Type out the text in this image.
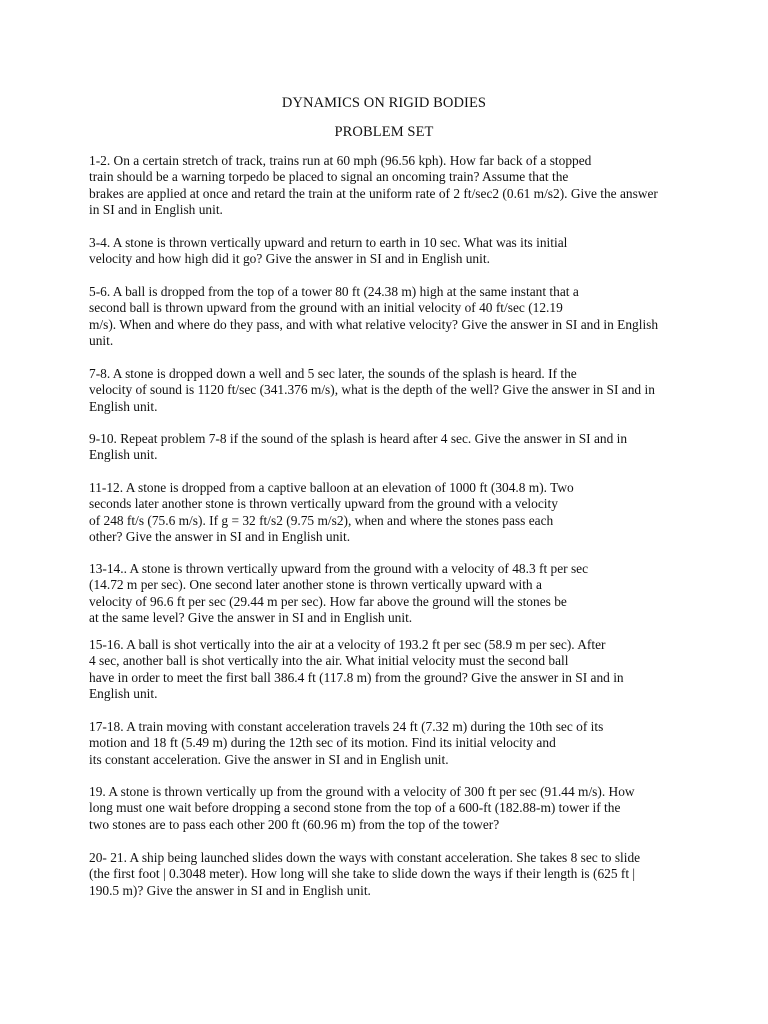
DYNAMICS ON RIGID BODIES
PROBLEM SET
1-2. On a certain stretch of track, trains run at 60 mph (96.56 kph). How far back of a stopped
train should be a warning torpedo be placed to signal an oncoming train? Assume that the
brakes are applied at once and retard the train at the uniform rate of 2 ft/sec2 (0.61 m/s2). Give the answer
in SI and in English unit.
3-4. A stone is thrown vertically upward and return to earth in 10 sec. What was its initial
velocity and how high did it go? Give the answer in SI and in English unit.
5-6. A ball is dropped from the top of a tower 80 ft (24.38 m) high at the same instant that a
second ball is thrown upward from the ground with an initial velocity of 40 ft/sec (12.19
m/s). When and where do they pass, and with what relative velocity? Give the answer in SI and in English
unit.
7-8. A stone is dropped down a well and 5 sec later, the sounds of the splash is heard. If the
velocity of sound is 1120 ft/sec (341.376 m/s), what is the depth of the well? Give the answer in SI and in
English unit.
9-10. Repeat problem 7-8 if the sound of the splash is heard after 4 sec. Give the answer in SI and in
English unit.
11-12. A stone is dropped from a captive balloon at an elevation of 1000 ft (304.8 m). Two
seconds later another stone is thrown vertically upward from the ground with a velocity
of 248 ft/s (75.6 m/s). If g = 32 ft/s2 (9.75 m/s2), when and where the stones pass each
other? Give the answer in SI and in English unit.
13-14.. A stone is thrown vertically upward from the ground with a velocity of 48.3 ft per sec
(14.72 m per sec). One second later another stone is thrown vertically upward with a
velocity of 96.6 ft per sec (29.44 m per sec). How far above the ground will the stones be
at the same level? Give the answer in SI and in English unit.
15-16. A ball is shot vertically into the air at a velocity of 193.2 ft per sec (58.9 m per sec). After
4 sec, another ball is shot vertically into the air. What initial velocity must the second ball
have in order to meet the first ball 386.4 ft (117.8 m) from the ground? Give the answer in SI and in
English unit.
17-18. A train moving with constant acceleration travels 24 ft (7.32 m) during the 10th sec of its
motion and 18 ft (5.49 m) during the 12th sec of its motion. Find its initial velocity and
its constant acceleration. Give the answer in SI and in English unit.
19. A stone is thrown vertically up from the ground with a velocity of 300 ft per sec (91.44 m/s). How
long must one wait before dropping a second stone from the top of a 600-ft (182.88-m) tower if the
two stones are to pass each other 200 ft (60.96 m) from the top of the tower?
20- 21. A ship being launched slides down the ways with constant acceleration. She takes 8 sec to slide
(the first foot | 0.3048 meter). How long will she take to slide down the ways if their length is (625 ft |
190.5 m)? Give the answer in SI and in English unit.
